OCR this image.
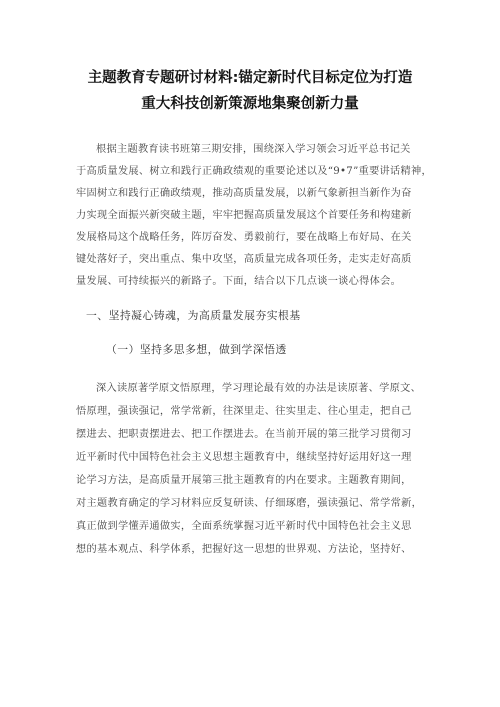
主题教育专题研讨材料:锚定新时代目标定位为打造
重大科技创新策源地集聚创新力量
根据主题教育读书班第三期安排，围绕深入学习领会习近平总书记关
于高质量发展、树立和践行正确政绩观的重要论述以及“9•7”重要讲话精神，
牢固树立和践行正确政绩观，推动高质量发展，以新气象新担当新作为奋
力实现全面振兴新突破主题，牢牢把握高质量发展这个首要任务和构建新
发展格局这个战略任务，阵厉奋发、勇毅前行，要在战略上布好局、在关
键处落好子，突出重点、集中攻坚，高质量完成各项任务，走实走好高质
量发展、可持续振兴的新路子。下面，结合以下几点谈一谈心得体会。
一、坚持凝心铸魂，为高质量发展夯实根基
（一）坚持多思多想，做到学深悟透
深入读原著学原文悟原理，学习理论最有效的办法是读原著、学原文、
悟原理，强读强记，常学常新，往深里走、往实里走、往心里走，把自己
摆进去、把职责摆进去、把工作摆进去。在当前开展的第三批学习贯彻习
近平新时代中国特色社会主义思想主题教育中，继续坚持好运用好这一理
论学习方法，是高质量开展第三批主题教育的内在要求。主题教育期间，
对主题教育确定的学习材料应反复研读、仔细琢磨，强读强记、常学常新，
真正做到学懂弄通做实，全面系统掌握习近平新时代中国特色社会主义思
想的基本观点、科学体系，把握好这一思想的世界观、方法论，坚持好、
